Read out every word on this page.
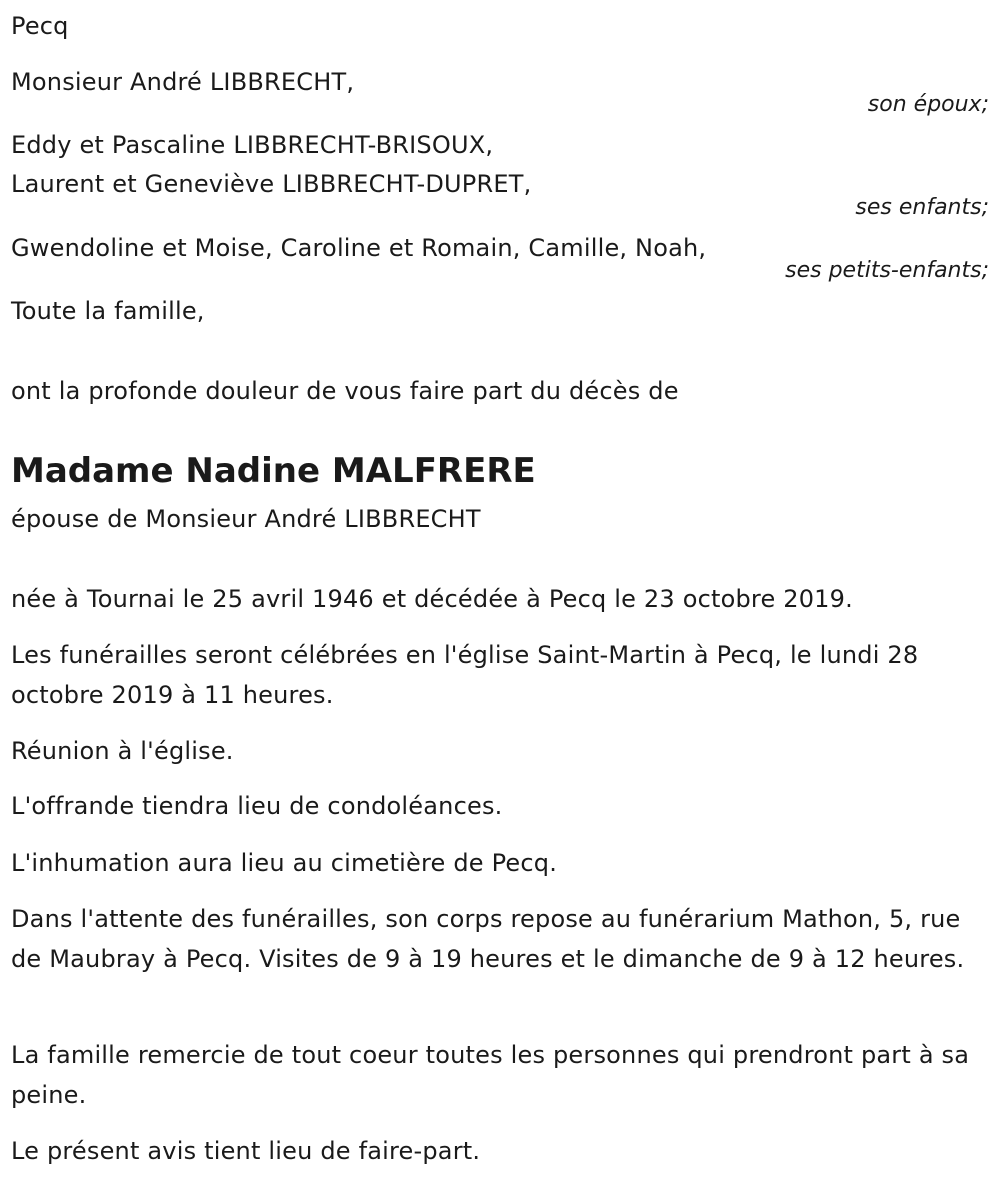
Pecq
Monsieur André LIBBRECHT,
son époux;
Eddy et Pascaline LIBBRECHT-BRISOUX,
Laurent et Geneviève LIBBRECHT-DUPRET,
ses enfants;
Gwendoline et Moise, Caroline et Romain, Camille, Noah,
ses petits-enfants;
Toute la famille,
ont la profonde douleur de vous faire part du décès de
Madame Nadine MALFRERE
épouse de Monsieur André LIBBRECHT
née à Tournai le 25 avril 1946 et décédée à Pecq le 23 octobre 2019.
Les funérailles seront célébrées en l'église Saint-Martin à Pecq, le lundi 28 octobre 2019 à 11 heures.
Réunion à l'église.
L'offrande tiendra lieu de condoléances.
L'inhumation aura lieu au cimetière de Pecq.
Dans l'attente des funérailles, son corps repose au funérarium Mathon, 5, rue de Maubray à Pecq. Visites de 9 à 19 heures et le dimanche de 9 à 12 heures.
La famille remercie de tout coeur toutes les personnes qui prendront part à sa peine.
Le présent avis tient lieu de faire-part.
